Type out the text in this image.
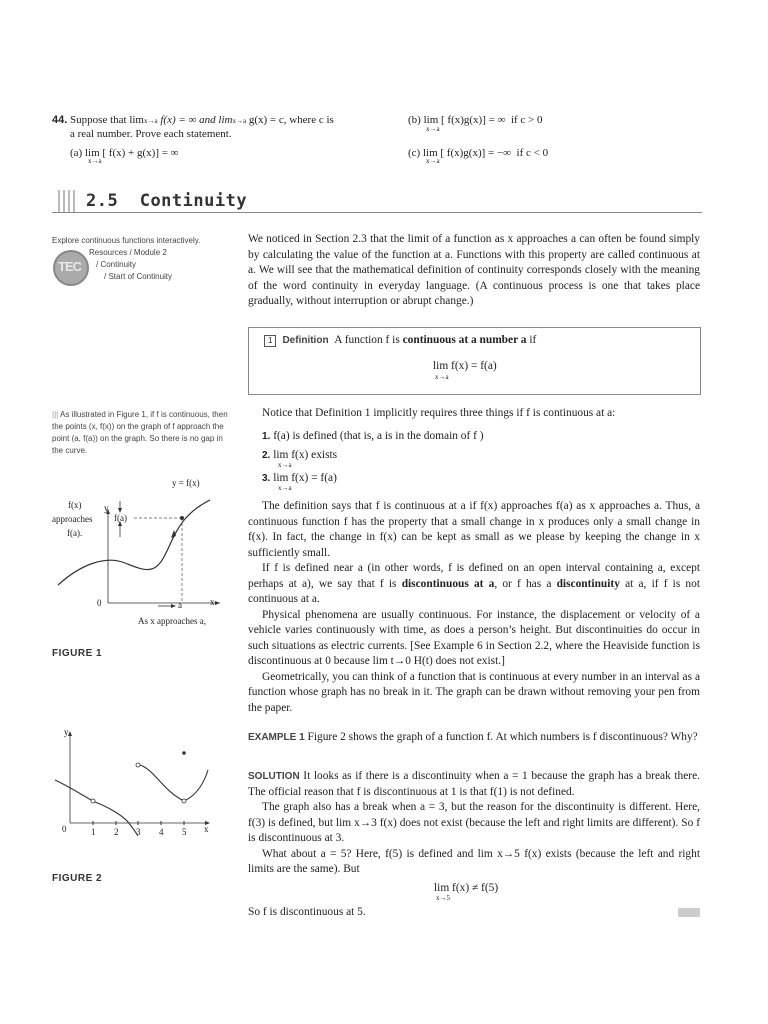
44. Suppose that limx→a f(x) = ∞ and limx→a g(x) = c, where c is
a real number. Prove each statement.
(a) lim [ f(x) + g(x)] = ∞
x→a
(b) lim [ f(x)g(x)] = ∞ if c > 0
x→a
(c) lim [ f(x)g(x)] = −∞ if c < 0
x→a
2.5 Continuity
Explore continuous functions interactively.
TEC
Resources / Module 2
/ Continuity
/ Start of Continuity
We noticed in Section 2.3 that the limit of a function as x approaches a can often be found simply by calculating the value of the function at a. Functions with this property are called continuous at a. We will see that the mathematical definition of continuity corresponds closely with the meaning of the word continuity in everyday language. (A continuous process is one that takes place gradually, without interruption or abrupt change.)
1 Definition A function f is continuous at a number a if
lim f(x) = f(a)
x→a
||| As illustrated in Figure 1, if f is continuous, then the points (x, f(x)) on the graph of f approach the point (a, f(a)) on the graph. So there is no gap in the curve.
y
y = f(x)
f(x)
approaches
f(a).
f(a)
0	a	x
As x approaches a,
FIGURE 1
Notice that Definition 1 implicitly requires three things if f is continuous at a:
1. f(a) is defined (that is, a is in the domain of f )
2. lim f(x) exists
x→a
3. lim f(x) = f(a)
x→a

The definition says that f is continuous at a if f(x) approaches f(a) as x approaches a. Thus, a continuous function f has the property that a small change in x produces only a small change in f(x). In fact, the change in f(x) can be kept as small as we please by keeping the change in x sufficiently small.

If f is defined near a (in other words, f is defined on an open interval containing a, except perhaps at a), we say that f is discontinuous at a, or f has a discontinuity at a, if f is not continuous at a.

Physical phenomena are usually continuous. For instance, the displacement or velocity of a vehicle varies continuously with time, as does a person’s height. But discontinuities do occur in such situations as electric currents. [See Example 6 in Section 2.2, where the Heaviside function is discontinuous at 0 because lim t→0 H(t) does not exist.]

Geometrically, you can think of a function that is continuous at every number in an interval as a function whose graph has no break in it. The graph can be drawn without removing your pen from the paper.

EXAMPLE 1 Figure 2 shows the graph of a function f. At which numbers is f discontinuous? Why?

SOLUTION It looks as if there is a discontinuity when a = 1 because the graph has a break there. The official reason that f is discontinuous at 1 is that f(1) is not defined.

The graph also has a break when a = 3, but the reason for the discontinuity is different. Here, f(3) is defined, but lim x→3 f(x) does not exist (because the left and right limits are different). So f is discontinuous at 3.

What about a = 5? Here, f(5) is defined and lim x→5 f(x) exists (because the left and right limits are the same). But

lim f(x) ≠ f(5)
x→5
So f is discontinuous at 5.
y
0	1 2 3 4 5 x
FIGURE 2
